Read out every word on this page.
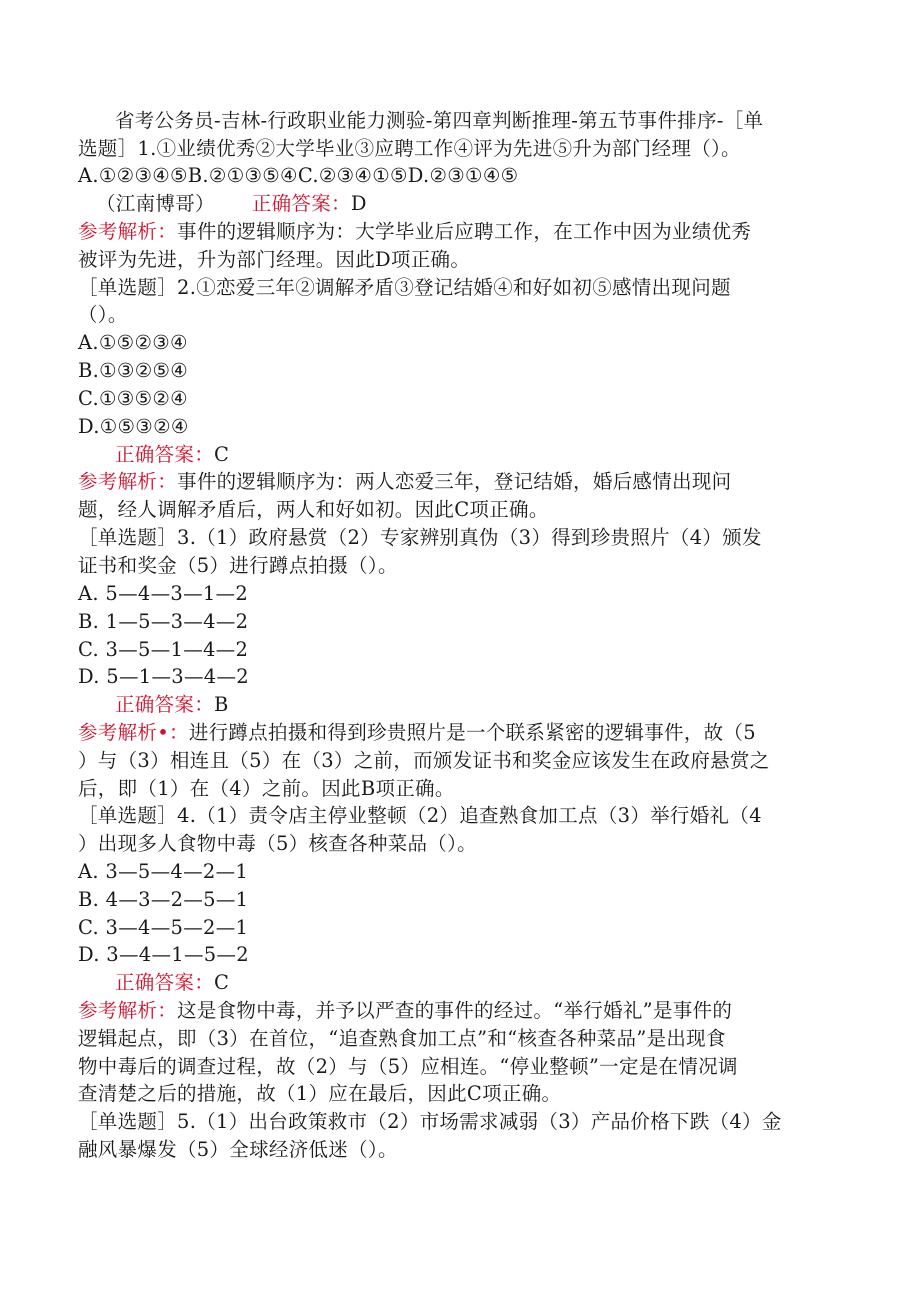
省考公务员-吉林-行政职业能力测验-第四章判断推理-第五节事件排序-［单
选题］1.①业绩优秀②大学毕业③应聘工作④评为先进⑤升为部门经理（）。
A.①②③④⑤B.②①③⑤④C.②③④①⑤D.②③①④⑤
（江南博哥） 正确答案：D
参考解析：事件的逻辑顺序为：大学毕业后应聘工作，在工作中因为业绩优秀
被评为先进，升为部门经理。因此D项正确。
［单选题］2.①恋爱三年②调解矛盾③登记结婚④和好如初⑤感情出现问题
（）。
A.①⑤②③④
B.①③②⑤④
C.①③⑤②④
D.①⑤③②④
正确答案：C
参考解析：事件的逻辑顺序为：两人恋爱三年，登记结婚，婚后感情出现问
题，经人调解矛盾后，两人和好如初。因此C项正确。
［单选题］3.（1）政府悬赏（2）专家辨别真伪（3）得到珍贵照片（4）颁发
证书和奖金（5）进行蹲点拍摄（）。
A. 5—4—3—1—2
B. 1—5—3—4—2
C. 3—5—1—4—2
D. 5—1—3—4—2
正确答案：B
参考解析•：进行蹲点拍摄和得到珍贵照片是一个联系紧密的逻辑事件，故（5
）与（3）相连且（5）在（3）之前，而颁发证书和奖金应该发生在政府悬赏之
后，即（1）在（4）之前。因此B项正确。
［单选题］4.（1）责令店主停业整顿（2）追查熟食加工点（3）举行婚礼（4
）出现多人食物中毒（5）核查各种菜品（）。
A. 3—5—4—2—1
B. 4—3—2—5—1
C. 3—4—5—2—1
D. 3—4—1—5—2
正确答案：C
参考解析：这是食物中毒，并予以严查的事件的经过。“举行婚礼”是事件的
逻辑起点，即（3）在首位，“追查熟食加工点”和“核查各种菜品”是出现食
物中毒后的调查过程，故（2）与（5）应相连。“停业整顿”一定是在情况调
查清楚之后的措施，故（1）应在最后，因此C项正确。
［单选题］5.（1）出台政策救市（2）市场需求减弱（3）产品价格下跌（4）金
融风暴爆发（5）全球经济低迷（）。
